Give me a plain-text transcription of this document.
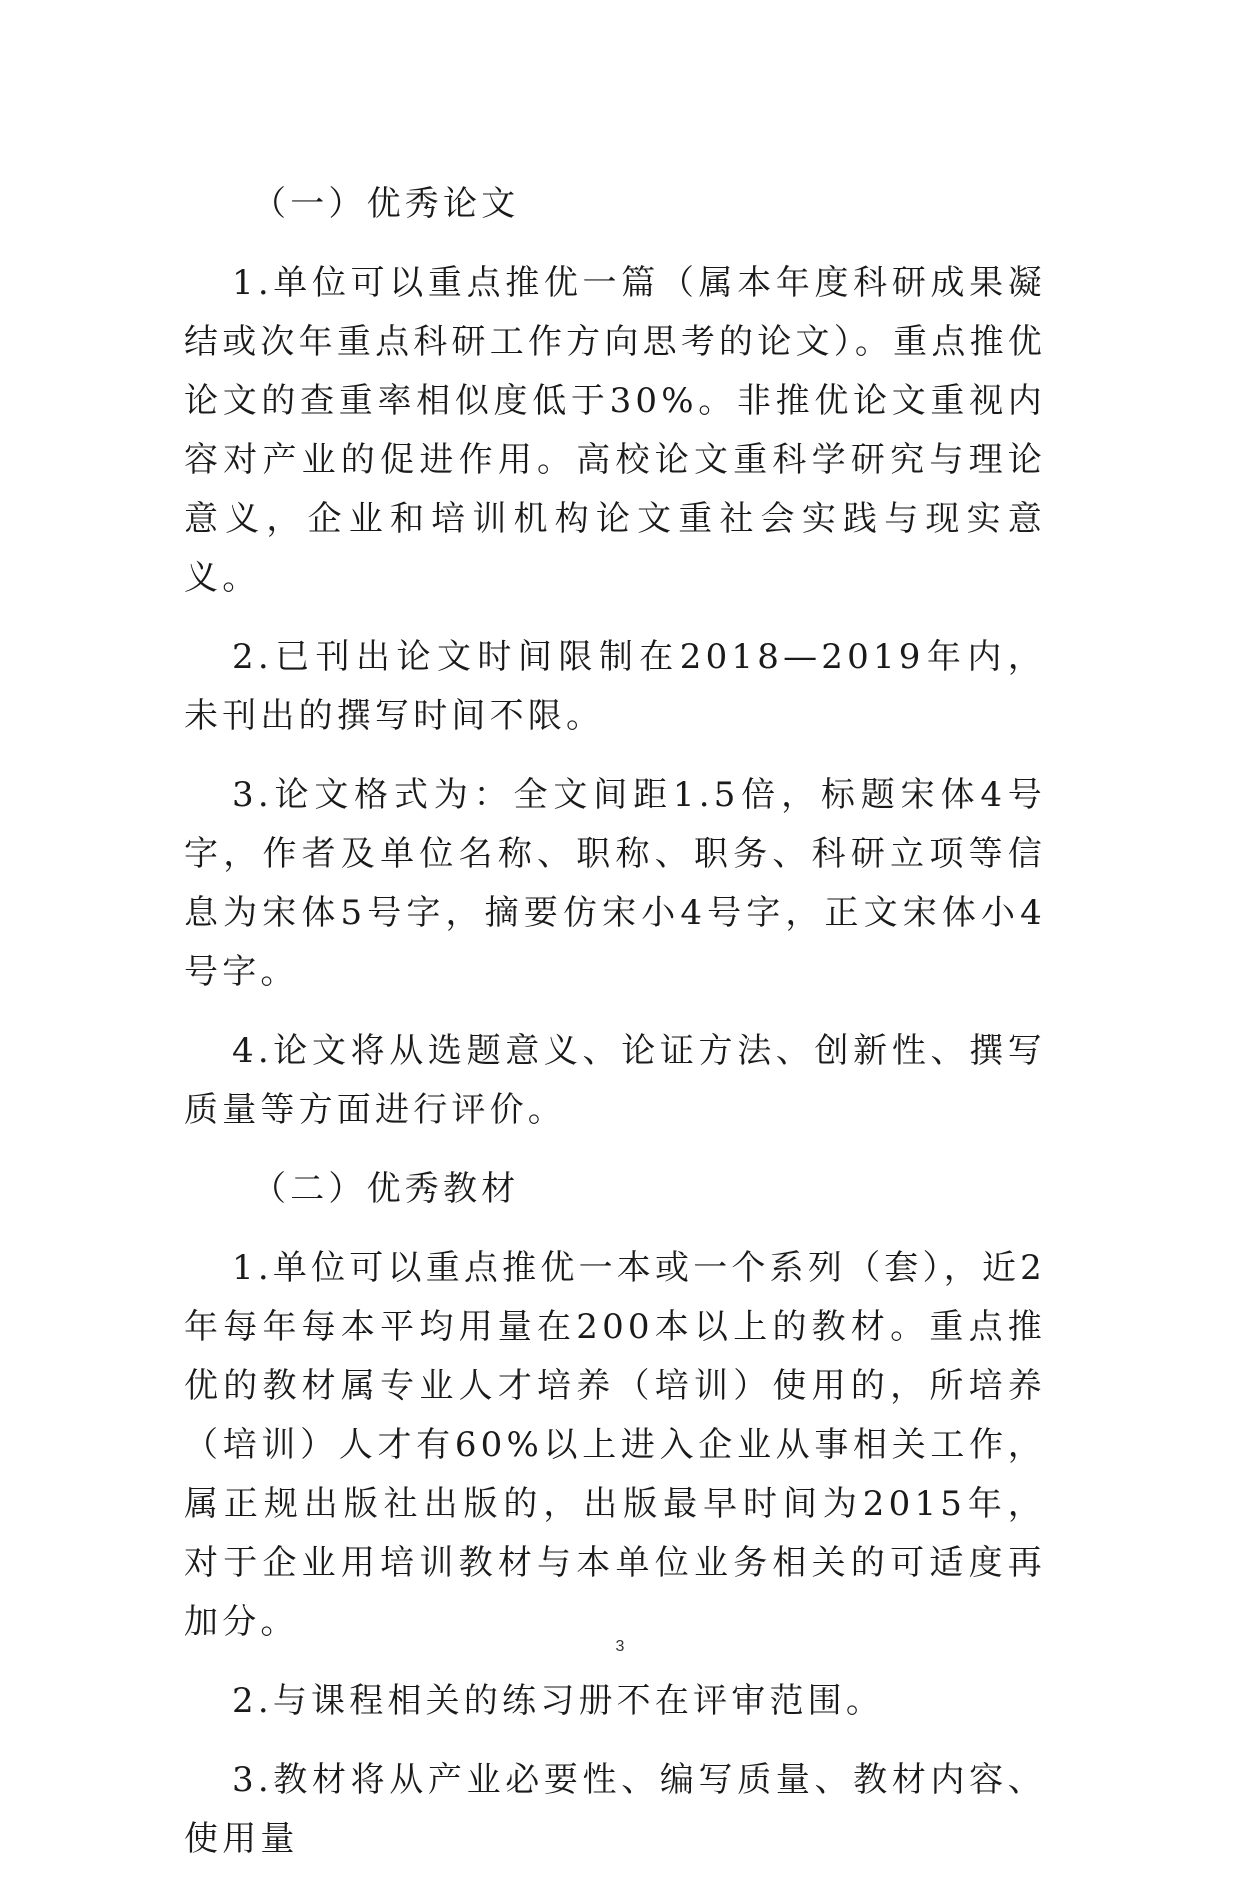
（一）优秀论文
1.单位可以重点推优一篇（属本年度科研成果凝结或次年重点科研工作方向思考的论文）。重点推优论文的查重率相似度低于30%。非推优论文重视内容对产业的促进作用。高校论文重科学研究与理论意义，企业和培训机构论文重社会实践与现实意义。
2.已刊出论文时间限制在2018—2019年内，未刊出的撰写时间不限。
3.论文格式为：全文间距1.5倍，标题宋体4号字，作者及单位名称、职称、职务、科研立项等信息为宋体5号字，摘要仿宋小4号字，正文宋体小4号字。
4.论文将从选题意义、论证方法、创新性、撰写质量等方面进行评价。
（二）优秀教材
1.单位可以重点推优一本或一个系列（套），近2年每年每本平均用量在200本以上的教材。重点推优的教材属专业人才培养（培训）使用的，所培养（培训）人才有60%以上进入企业从事相关工作，属正规出版社出版的，出版最早时间为2015年，对于企业用培训教材与本单位业务相关的可适度再加分。
2.与课程相关的练习册不在评审范围。
3.教材将从产业必要性、编写质量、教材内容、使用量
3
